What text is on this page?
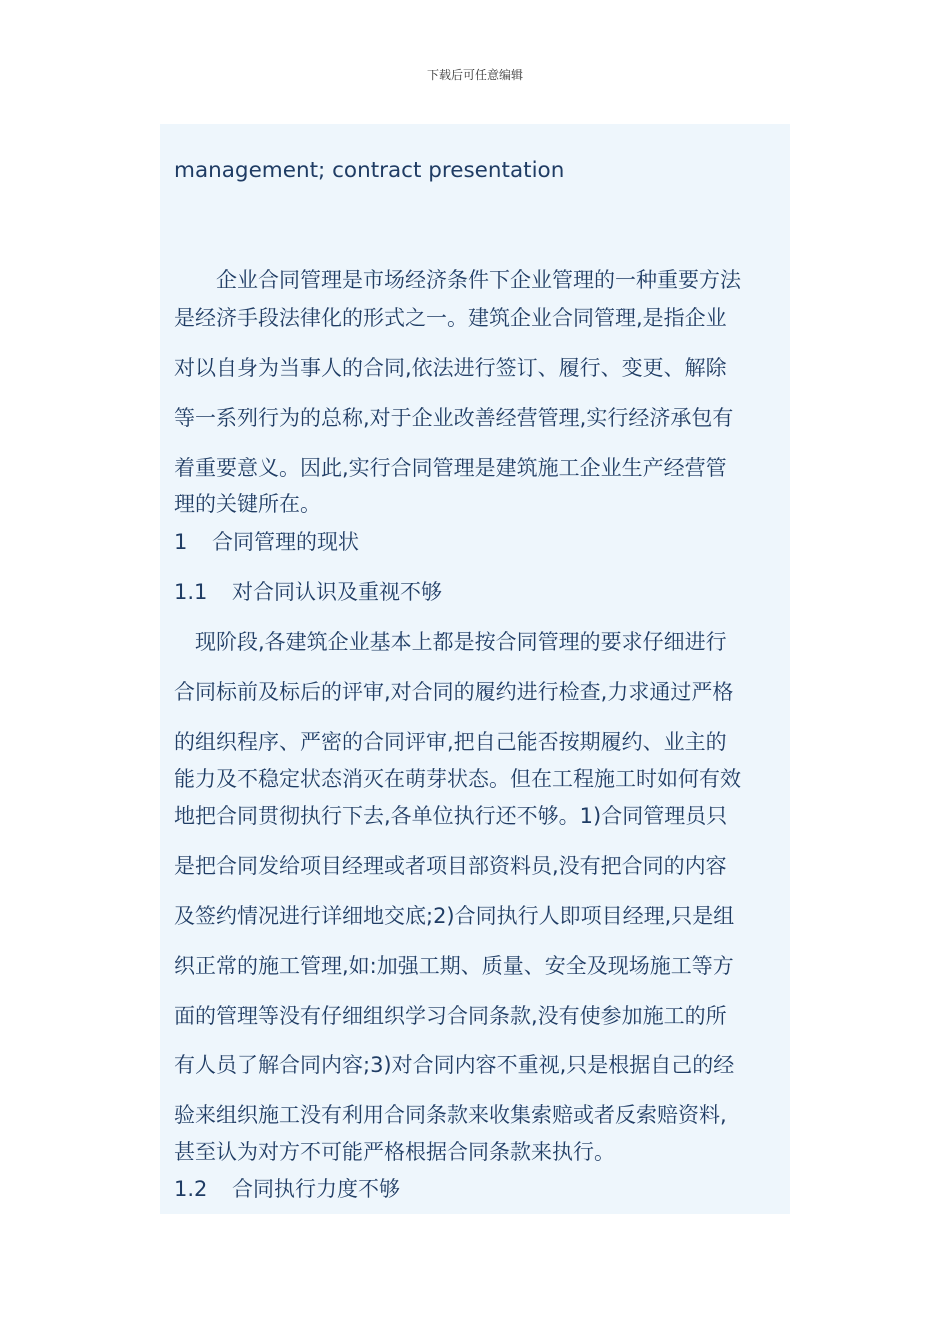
下载后可任意编辑
management; contract presentation
　　企业合同管理是市场经济条件下企业管理的一种重要方法
是经济手段法律化的形式之一。建筑企业合同管理,是指企业
对以自身为当事人的合同,依法进行签订、履行、变更、解除
等一系列行为的总称,对于企业改善经营管理,实行经济承包有
着重要意义。因此,实行合同管理是建筑施工企业生产经营管
理的关键所在。
1 合同管理的现状
1.1 对合同认识及重视不够
　现阶段,各建筑企业基本上都是按合同管理的要求仔细进行
合同标前及标后的评审,对合同的履约进行检查,力求通过严格
的组织程序、严密的合同评审,把自己能否按期履约、业主的
能力及不稳定状态消灭在萌芽状态。但在工程施工时如何有效
地把合同贯彻执行下去,各单位执行还不够。1)合同管理员只
是把合同发给项目经理或者项目部资料员,没有把合同的内容
及签约情况进行详细地交底;2)合同执行人即项目经理,只是组
织正常的施工管理,如:加强工期、质量、安全及现场施工等方
面的管理等没有仔细组织学习合同条款,没有使参加施工的所
有人员了解合同内容;3)对合同内容不重视,只是根据自己的经
验来组织施工没有利用合同条款来收集索赔或者反索赔资料,
甚至认为对方不可能严格根据合同条款来执行。
1.2 合同执行力度不够
